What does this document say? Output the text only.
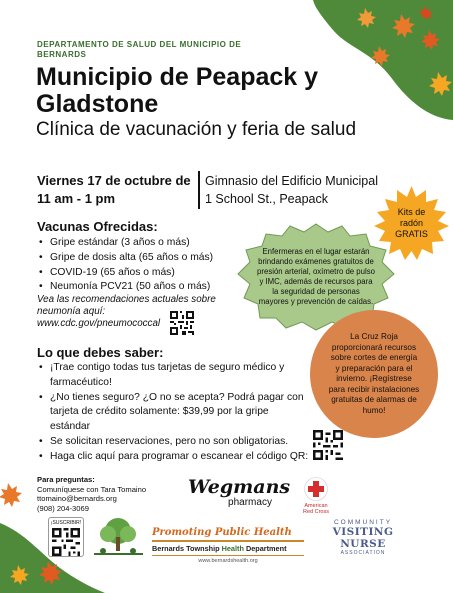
DEPARTAMENTO DE SALUD DEL MUNICIPIO DE BERNARDS
Municipio de Peapack y Gladstone
Clínica de vacunación y feria de salud
Viernes 17 de octubre de
11 am - 1 pm
Gimnasio del Edificio Municipal
1 School St., Peapack
Kits de radón GRATIS
Enfermeras en el lugar estarán brindando exámenes gratuitos de presión arterial, oxímetro de pulso y IMC, además de recursos para la seguridad de personas mayores y prevención de caídas.
La Cruz Roja proporcionará recursos sobre cortes de energía y preparación para el invierno. ¡Regístrese para recibir instalaciones gratuitas de alarmas de humo!
Vacunas Ofrecidas:
• Gripe estándar (3 años o más)
• Gripe de dosis alta (65 años o más)
• COVID-19 (65 años o más)
• Neumonía PCV21 (50 años o más)
Vea las recomendaciones actuales sobre
neumonía aquí:
www.cdc.gov/pneumococcal
Lo que debes saber:
• ¡Trae contigo todas tus tarjetas de seguro médico y farmacéutico!
• ¿No tienes seguro? ¿O no se acepta? Podrá pagar con tarjeta de crédito solamente: $39,99 por la gripe estándar
• Se solicitan reservaciones, pero no son obligatorias.
• Haga clic aquí para programar o escanear el código QR:
Para preguntas:
Comuníquese con Tara Tomaino
ttomaino@bernards.org
(908) 204-3069
¡SUSCRIBIR!
Wegmans
pharmacy	American
Red Cross
Promoting Public Health
Bernards Township Health Department
www.bernardshealth.org
COMMUNITY
VISITING NURSE
ASSOCIATION
